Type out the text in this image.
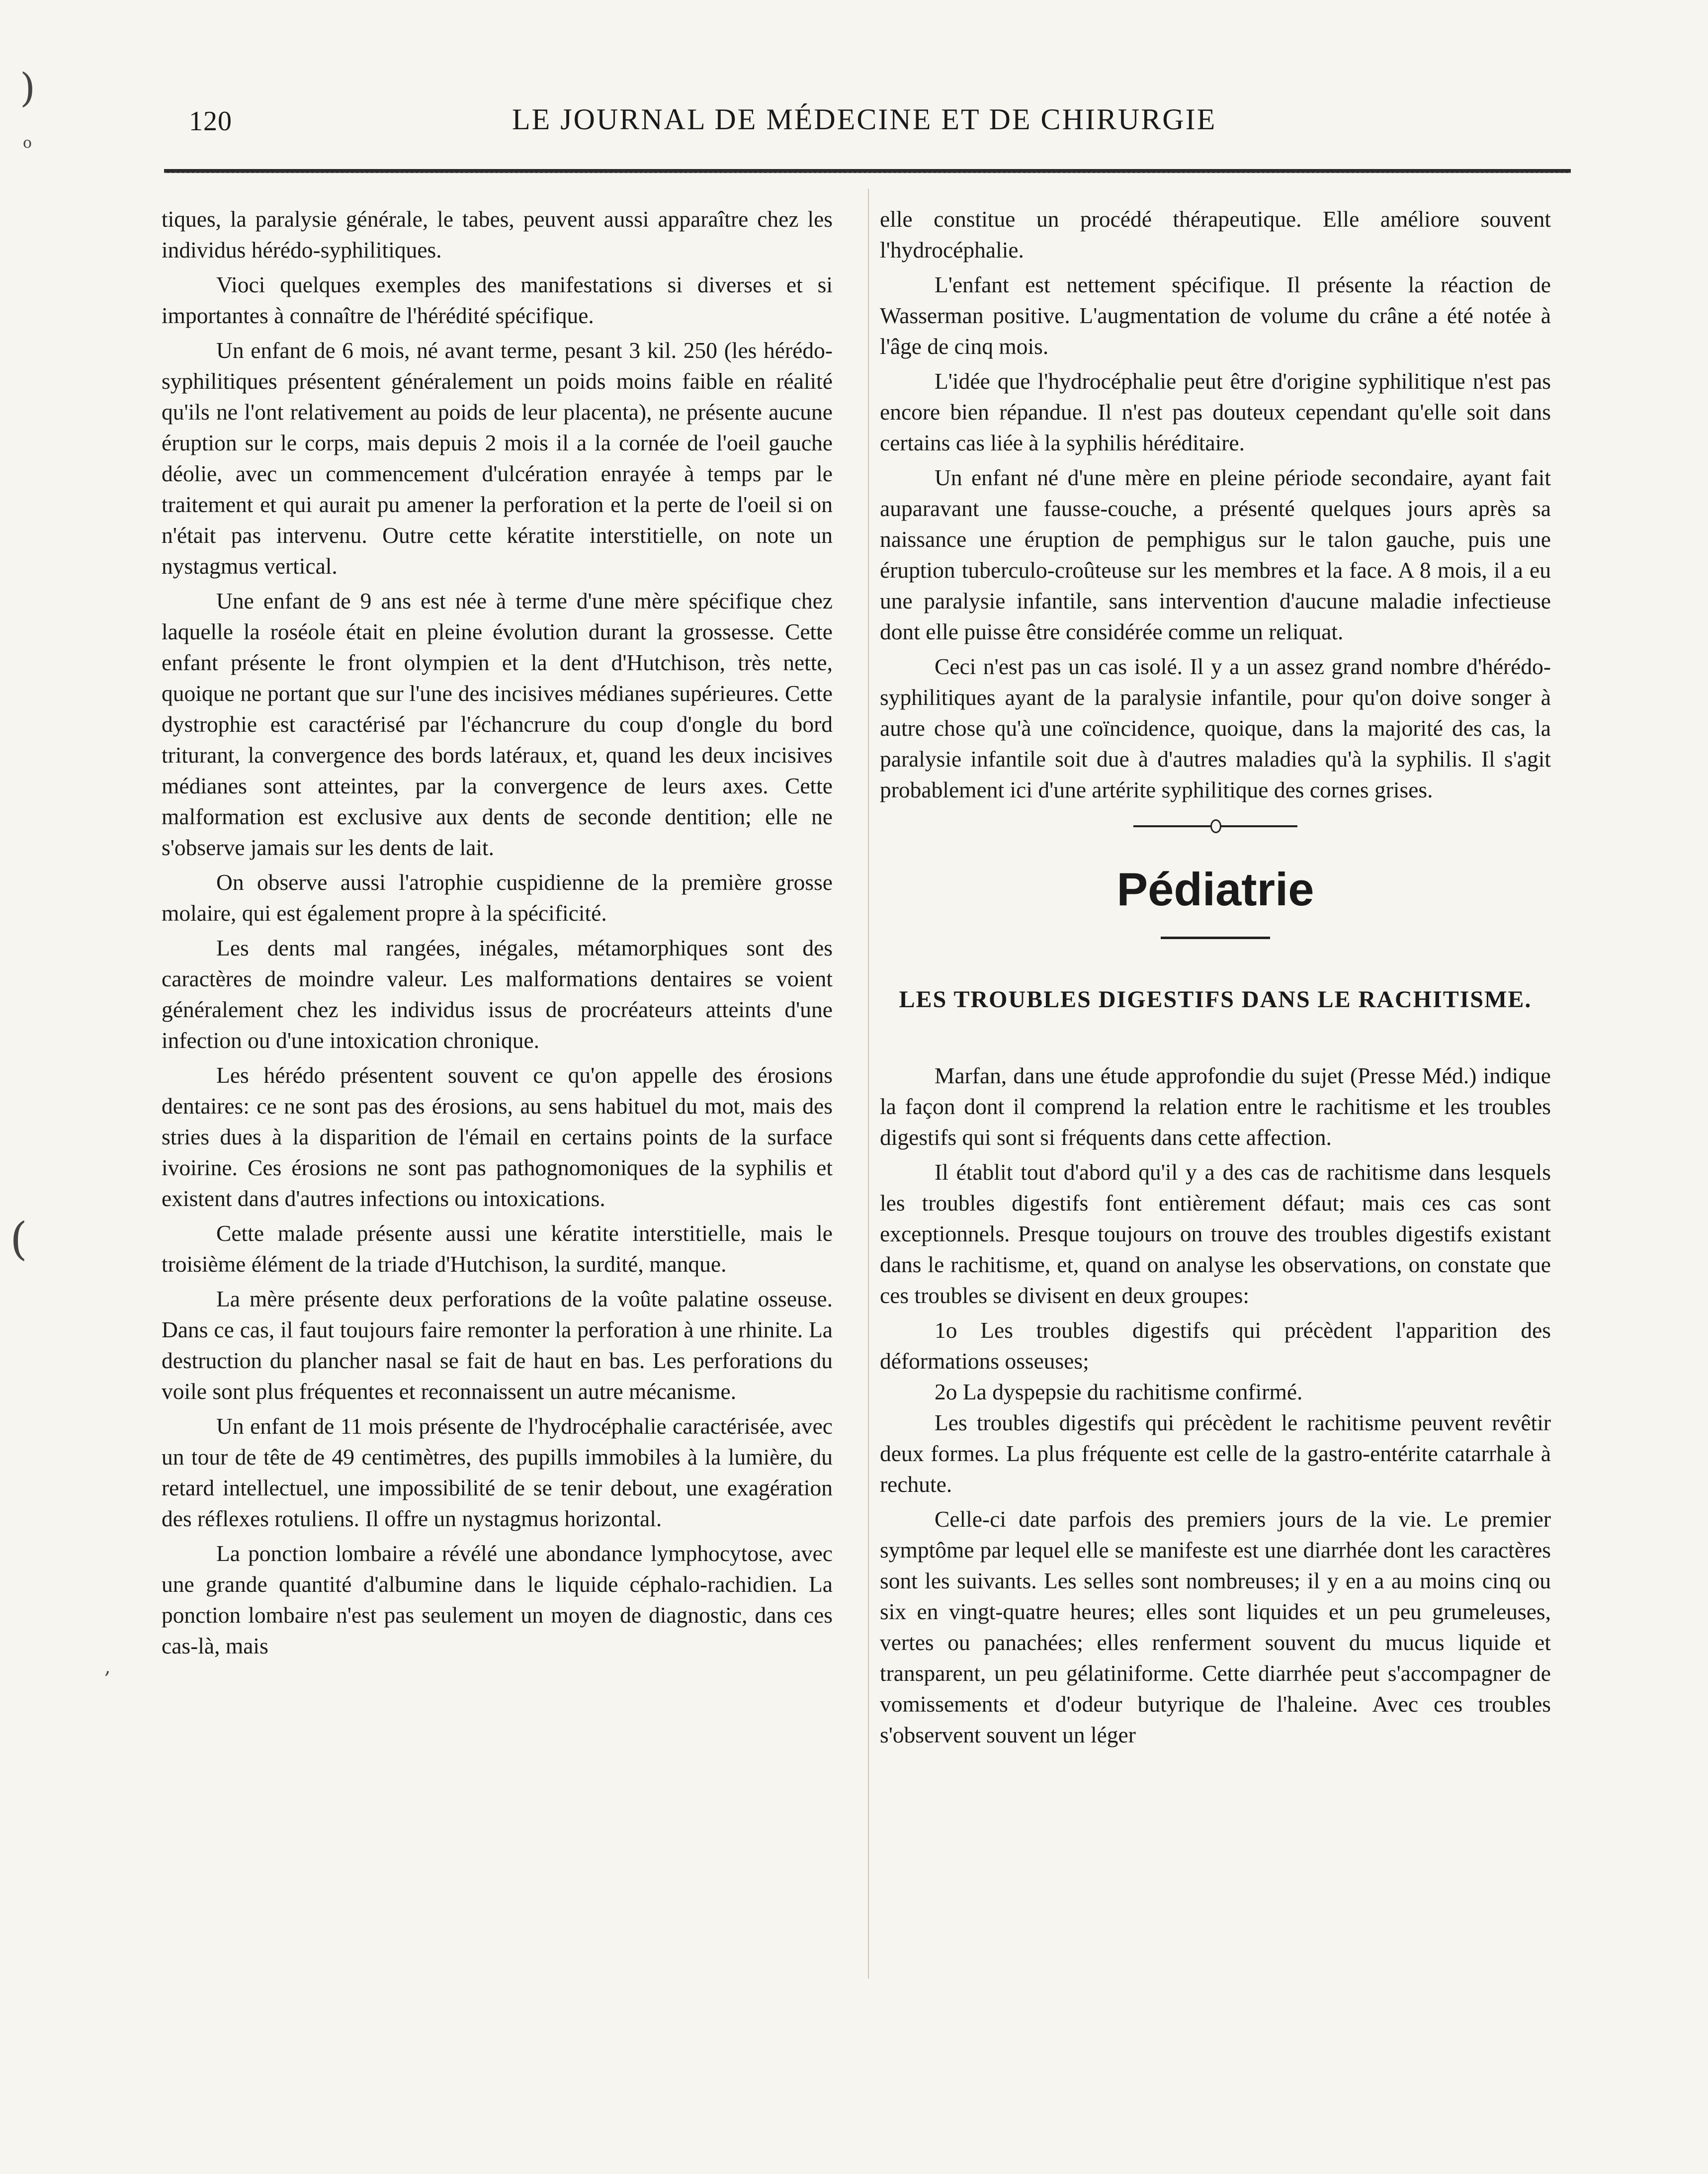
120	LE JOURNAL DE MÉDECINE ET DE CHIRURGIE

tiques, la paralysie générale, le tabes, peuvent aussi apparaître chez les individus hérédo-syphilitiques.

Vioci quelques exemples des manifestations si diverses et si importantes à connaître de l'hérédité spécifique.

Un enfant de 6 mois, né avant terme, pesant 3 kil. 250 (les hérédo-syphilitiques présentent généralement un poids moins faible en réalité qu'ils ne l'ont relativement au poids de leur placenta), ne présente aucune éruption sur le corps, mais depuis 2 mois il a la cornée de l'oeil gauche déolie, avec un commencement d'ulcération enrayée à temps par le traitement et qui aurait pu amener la perforation et la perte de l'oeil si on n'était pas intervenu. Outre cette kératite interstitielle, on note un nystagmus vertical.

Une enfant de 9 ans est née à terme d'une mère spécifique chez laquelle la roséole était en pleine évolution durant la grossesse. Cette enfant présente le front olympien et la dent d'Hutchison, très nette, quoique ne portant que sur l'une des incisives médianes supérieures. Cette dystrophie est caractérisé par l'échancrure du coup d'ongle du bord triturant, la convergence des bords latéraux, et, quand les deux incisives médianes sont atteintes, par la convergence de leurs axes. Cette malformation est exclusive aux dents de seconde dentition; elle ne s'observe jamais sur les dents de lait.

On observe aussi l'atrophie cuspidienne de la première grosse molaire, qui est également propre à la spécificité.

Les dents mal rangées, inégales, métamorphiques sont des caractères de moindre valeur. Les malformations dentaires se voient généralement chez les individus issus de procréateurs atteints d'une infection ou d'une intoxication chronique.

Les hérédo présentent souvent ce qu'on appelle des érosions dentaires: ce ne sont pas des érosions, au sens habituel du mot, mais des stries dues à la disparition de l'émail en certains points de la surface ivoirine. Ces érosions ne sont pas pathognomoniques de la syphilis et existent dans d'autres infections ou intoxications.

Cette malade présente aussi une kératite interstitielle, mais le troisième élément de la triade d'Hutchison, la surdité, manque.

La mère présente deux perforations de la voûte palatine osseuse. Dans ce cas, il faut toujours faire remonter la perforation à une rhinite. La destruction du plancher nasal se fait de haut en bas. Les perforations du voile sont plus fréquentes et reconnaissent un autre mécanisme.

Un enfant de 11 mois présente de l'hydrocéphalie caractérisée, avec un tour de tête de 49 centimètres, des pupills immobiles à la lumière, du retard intellectuel, une impossibilité de se tenir debout, une exagération des réflexes rotuliens. Il offre un nystagmus horizontal.

La ponction lombaire a révélé une abondance lymphocytose, avec une grande quantité d'albumine dans le liquide céphalo-rachidien. La ponction lombaire n'est pas seulement un moyen de diagnostic, dans ces cas-là, mais

elle constitue un procédé thérapeutique. Elle améliore souvent l'hydrocéphalie.

L'enfant est nettement spécifique. Il présente la réaction de Wasserman positive. L'augmentation de volume du crâne a été notée à l'âge de cinq mois.

L'idée que l'hydrocéphalie peut être d'origine syphilitique n'est pas encore bien répandue. Il n'est pas douteux cependant qu'elle soit dans certains cas liée à la syphilis héréditaire.

Un enfant né d'une mère en pleine période secondaire, ayant fait auparavant une fausse-couche, a présenté quelques jours après sa naissance une éruption de pemphigus sur le talon gauche, puis une éruption tuberculo-croûteuse sur les membres et la face. A 8 mois, il a eu une paralysie infantile, sans intervention d'aucune maladie infectieuse dont elle puisse être considérée comme un reliquat.

Ceci n'est pas un cas isolé. Il y a un assez grand nombre d'hérédo-syphilitiques ayant de la paralysie infantile, pour qu'on doive songer à autre chose qu'à une coïncidence, quoique, dans la majorité des cas, la paralysie infantile soit due à d'autres maladies qu'à la syphilis. Il s'agit probablement ici d'une artérite syphilitique des cornes grises.

Pédiatrie
LES TROUBLES DIGESTIFS DANS LE RACHITISME.

Marfan, dans une étude approfondie du sujet (Presse Méd.) indique la façon dont il comprend la relation entre le rachitisme et les troubles digestifs qui sont si fréquents dans cette affection.

Il établit tout d'abord qu'il y a des cas de rachitisme dans lesquels les troubles digestifs font entièrement défaut; mais ces cas sont exceptionnels. Presque toujours on trouve des troubles digestifs existant dans le rachitisme, et, quand on analyse les observations, on constate que ces troubles se divisent en deux groupes:

1o Les troubles digestifs qui précèdent l'apparition des déformations osseuses;

2o La dyspepsie du rachitisme confirmé.

Les troubles digestifs qui précèdent le rachitisme peuvent revêtir deux formes. La plus fréquente est celle de la gastro-entérite catarrhale à rechute.

Celle-ci date parfois des premiers jours de la vie. Le premier symptôme par lequel elle se manifeste est une diarrhée dont les caractères sont les suivants. Les selles sont nombreuses; il y en a au moins cinq ou six en vingt-quatre heures; elles sont liquides et un peu grumeleuses, vertes ou panachées; elles renferment souvent du mucus liquide et transparent, un peu gélatiniforme. Cette diarrhée peut s'accompagner de vomissements et d'odeur butyrique de l'haleine. Avec ces troubles s'observent souvent un léger

)
o
(
,
